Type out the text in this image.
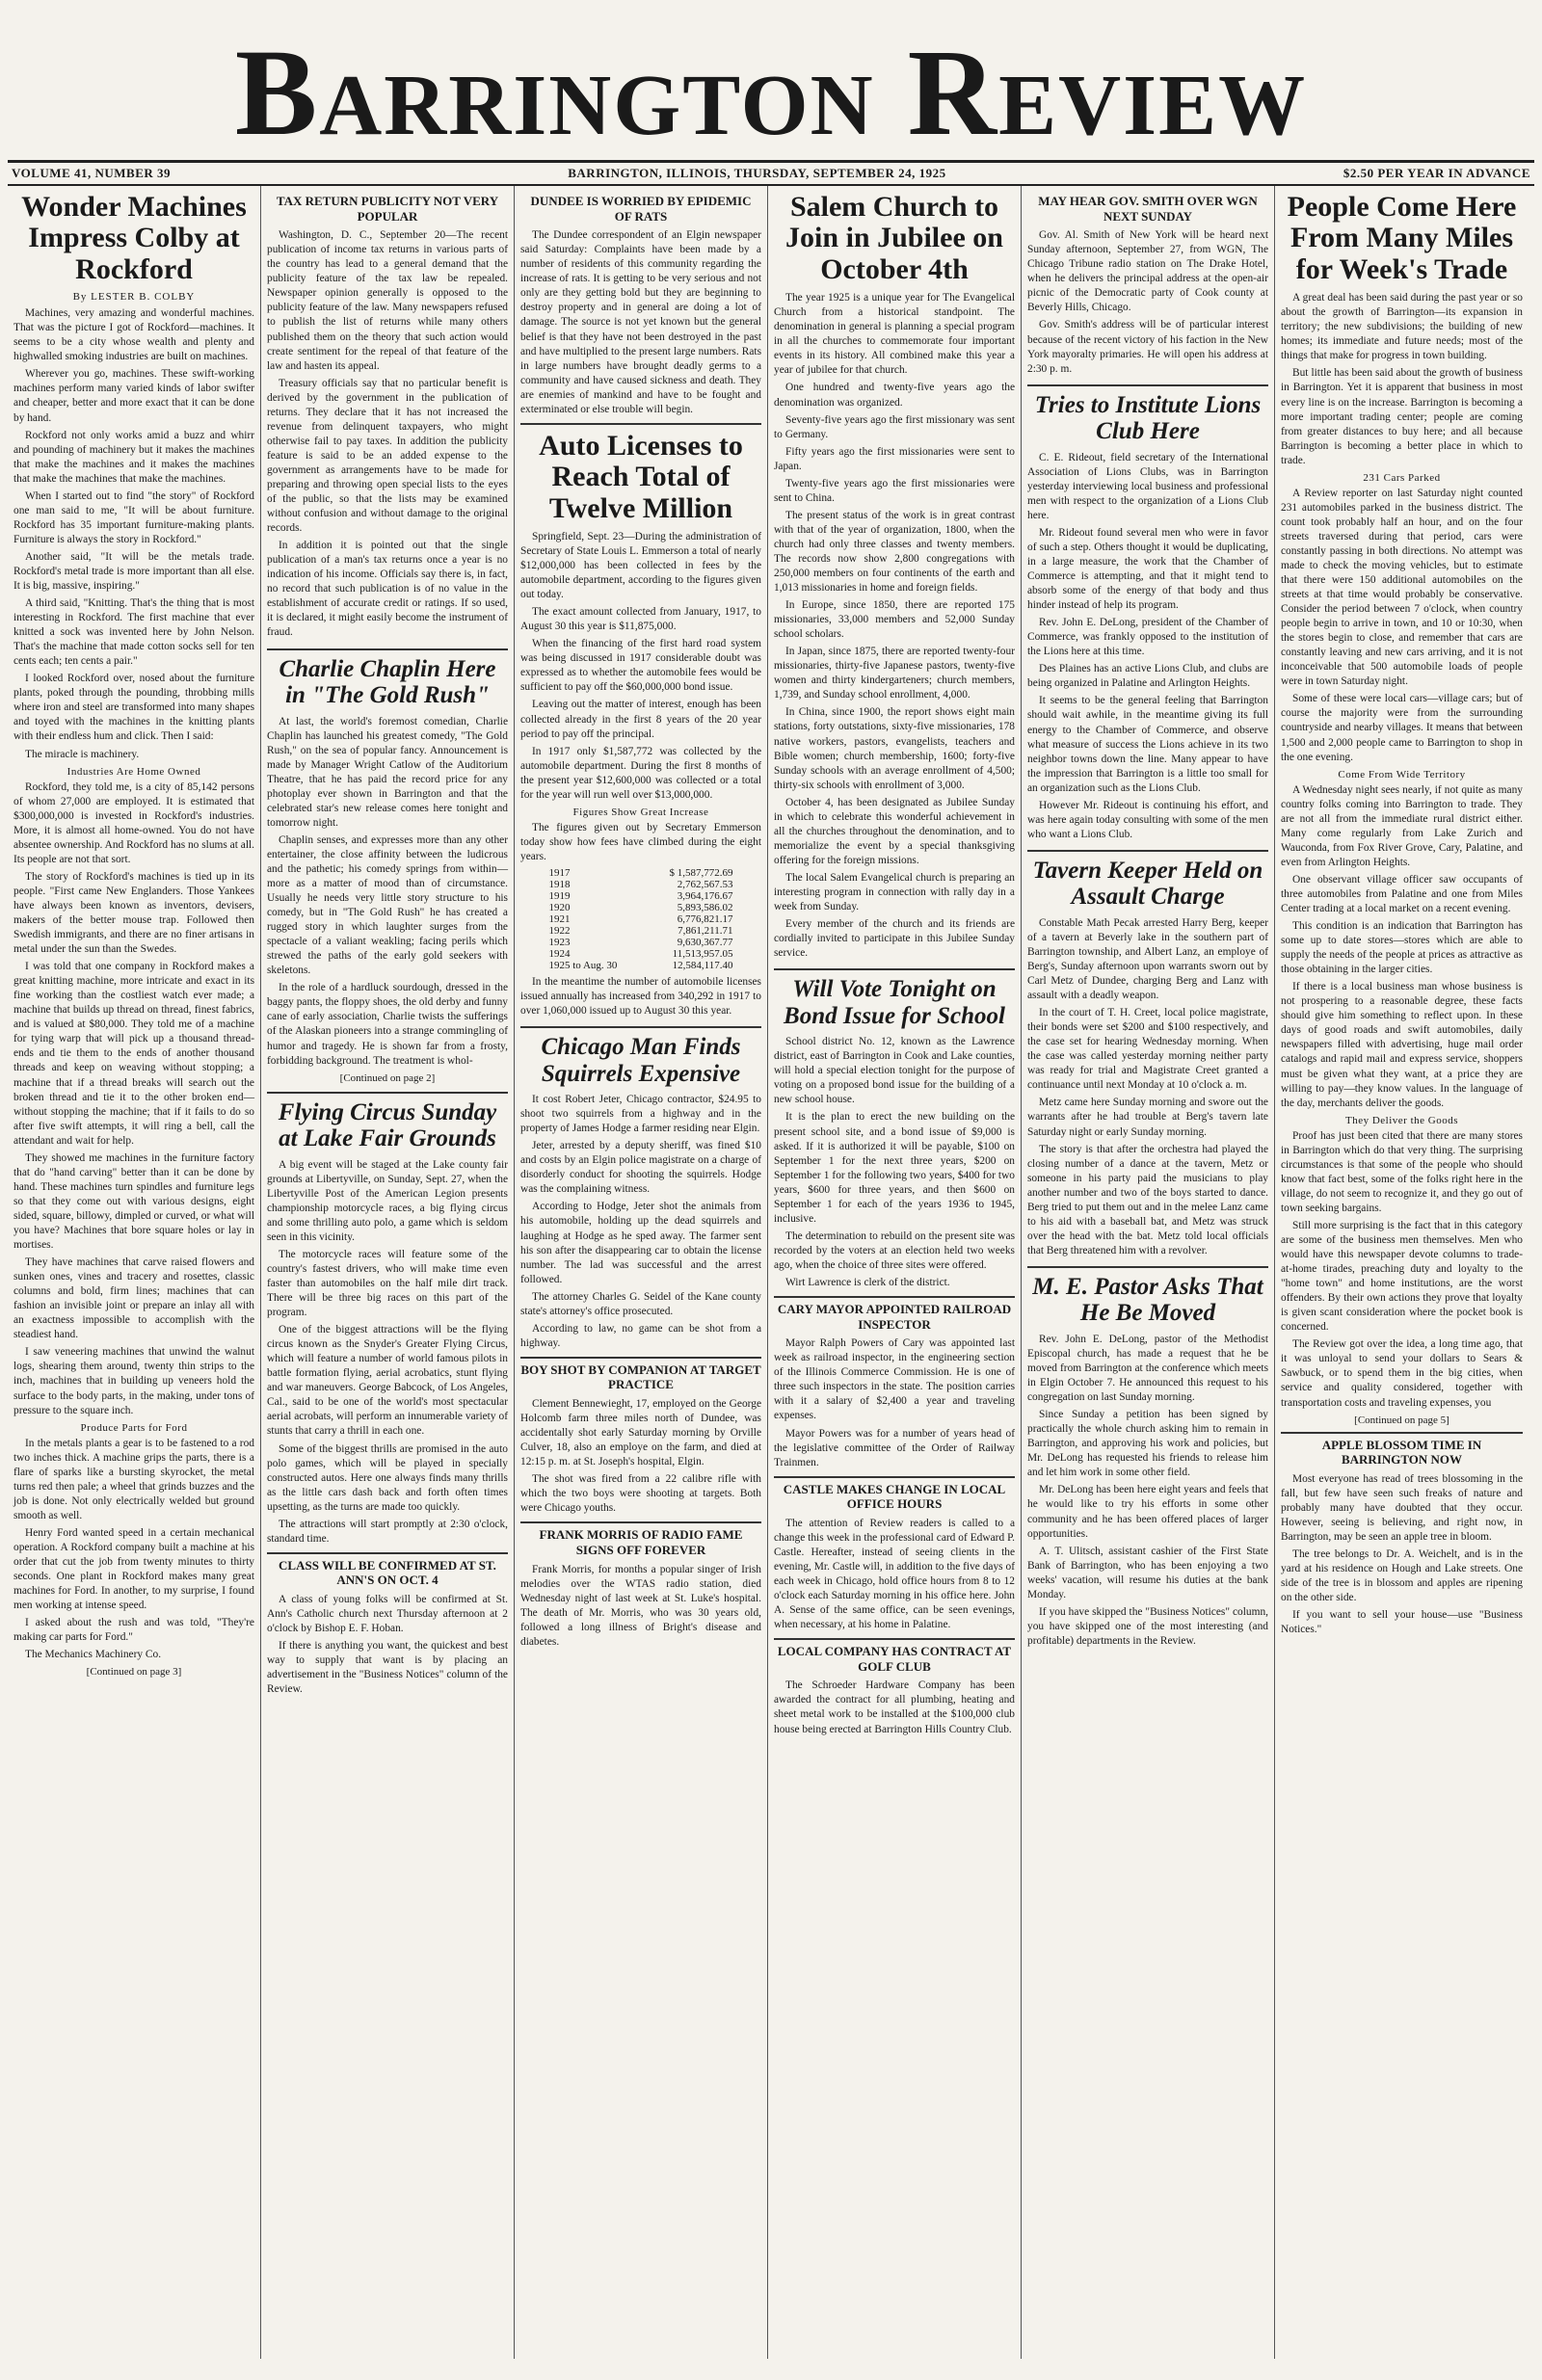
Barrington Review
VOLUME 41, NUMBER 39	BARRINGTON, ILLINOIS, THURSDAY, SEPTEMBER 24, 1925	$2.50 PER YEAR IN ADVANCE
Wonder Machines Impress Colby at Rockford
By LESTER B. COLBY

Machines, very amazing and wonderful machines. That was the picture I got of Rockford—machines. It seems to be a city whose wealth and plenty and highwalled smoking industries are built on machines.

Wherever you go, machines. These swift-working machines perform many varied kinds of labor swifter and cheaper, better and more exact that it can be done by hand.

Rockford not only works amid a buzz and whirr and pounding of machinery but it makes the machines that make the machines and it makes the machines that make the machines that make the machines.

When I started out to find "the story" of Rockford one man said to me, "It will be about furniture. Rockford has 35 important furniture-making plants. Furniture is always the story in Rockford."

Another said, "It will be the metals trade. Rockford's metal trade is more important than all else. It is big, massive, inspiring."

A third said, "Knitting. That's the thing that is most interesting in Rockford. The first machine that ever knitted a sock was invented here by John Nelson. That's the machine that made cotton socks sell for ten cents each; ten cents a pair."

I looked Rockford over, nosed about the furniture plants, poked through the pounding, throbbing mills where iron and steel are transformed into many shapes and toyed with the machines in the knitting plants with their endless hum and click. Then I said:

The miracle is machinery.

Industries Are Home Owned

Rockford, they told me, is a city of 85,142 persons of whom 27,000 are employed. It is estimated that $300,000,000 is invested in Rockford's industries. More, it is almost all home-owned. You do not have absentee ownership. And Rockford has no slums at all. Its people are not that sort.

The story of Rockford's machines is tied up in its people. "First came New Englanders. Those Yankees have always been known as inventors, devisers, makers of the better mouse trap. Followed then Swedish immigrants, and there are no finer artisans in metal under the sun than the Swedes.

I was told that one company in Rockford makes a great knitting machine, more intricate and exact in its fine working than the costliest watch ever made; a machine that builds up thread on thread, finest fabrics, and is valued at $80,000. They told me of a machine for tying warp that will pick up a thousand thread-ends and tie them to the ends of another thousand threads and keep on weaving without stopping; a machine that if a thread breaks will search out the broken thread and tie it to the other broken end—without stopping the machine; that if it fails to do so after five swift attempts, it will ring a bell, call the attendant and wait for help.

They showed me machines in the furniture factory that do "hand carving" better than it can be done by hand. These machines turn spindles and furniture legs so that they come out with various designs, eight sided, square, billowy, dimpled or curved, or what will you have? Machines that bore square holes or lay in mortises.

They have machines that carve raised flowers and sunken ones, vines and tracery and rosettes, classic columns and bold, firm lines; machines that can fashion an invisible joint or prepare an inlay all with an exactness impossible to accomplish with the steadiest hand.

I saw veneering machines that unwind the walnut logs, shearing them around, twenty thin strips to the inch, machines that in building up veneers hold the surface to the body parts, in the making, under tons of pressure to the square inch.

Produce Parts for Ford

In the metals plants a gear is to be fastened to a rod two inches thick. A machine grips the parts, there is a flare of sparks like a bursting skyrocket, the metal turns red then pale; a wheel that grinds buzzes and the job is done. Not only electrically welded but ground smooth as well.

Henry Ford wanted speed in a certain mechanical operation. A Rockford company built a machine at his order that cut the job from twenty minutes to thirty seconds. One plant in Rockford makes many great machines for Ford. In another, to my surprise, I found men working at intense speed.

I asked about the rush and was told, "They're making car parts for Ford."

The Mechanics Machinery Co.

[Continued on page 3]
TAX RETURN PUBLICITY NOT VERY POPULAR

Washington, D. C., September 20—The recent publication of income tax returns in various parts of the country has lead to a general demand that the publicity feature of the tax law be repealed. Newspaper opinion generally is opposed to the publicity feature of the law. Many newspapers refused to publish the list of returns while many others published them on the theory that such action would create sentiment for the repeal of that feature of the law and hasten its appeal.

Treasury officials say that no particular benefit is derived by the government in the publication of returns. They declare that it has not increased the revenue from delinquent taxpayers, who might otherwise fail to pay taxes. In addition the publicity feature is said to be an added expense to the government as arrangements have to be made for preparing and throwing open special lists to the eyes of the public, so that the lists may be examined without confusion and without damage to the original records.

In addition it is pointed out that the single publication of a man's tax returns once a year is no indication of his income. Officials say there is, in fact, no record that such publication is of no value in the establishment of accurate credit or ratings. If so used, it is declared, it might easily become the instrument of fraud.

Charlie Chaplin Here in "The Gold Rush"

At last, the world's foremost comedian, Charlie Chaplin has launched his greatest comedy, "The Gold Rush," on the sea of popular fancy. Announcement is made by Manager Wright Catlow of the Auditorium Theatre, that he has paid the record price for any photoplay ever shown in Barrington and that the celebrated star's new release comes here tonight and tomorrow night.

Chaplin senses, and expresses more than any other entertainer, the close affinity between the ludicrous and the pathetic; his comedy springs from within—more as a matter of mood than of circumstance. Usually he needs very little story structure to his comedy, but in "The Gold Rush" he has created a rugged story in which laughter surges from the spectacle of a valiant weakling; facing perils which strewed the paths of the early gold seekers with skeletons.

In the role of a hardluck sourdough, dressed in the baggy pants, the floppy shoes, the old derby and funny cane of early association, Charlie twists the sufferings of the Alaskan pioneers into a strange commingling of humor and tragedy. He is shown far from a frosty, forbidding background. The treatment is whol-

[Continued on page 2]
Flying Circus Sunday at Lake Fair Grounds

A big event will be staged at the Lake county fair grounds at Libertyville, on Sunday, Sept. 27, when the Libertyville Post of the American Legion presents championship motorcycle races, a big flying circus and some thrilling auto polo, a game which is seldom seen in this vicinity.

The motorcycle races will feature some of the country's fastest drivers, who will make time even faster than automobiles on the half mile dirt track. There will be three big races on this part of the program.

One of the biggest attractions will be the flying circus known as the Snyder's Greater Flying Circus, which will feature a number of world famous pilots in battle formation flying, aerial acrobatics, stunt flying and war maneuvers. George Babcock, of Los Angeles, Cal., said to be one of the world's most spectacular aerial acrobats, will perform an innumerable variety of stunts that carry a thrill in each one.

Some of the biggest thrills are promised in the auto polo games, which will be played in specially constructed autos. Here one always finds many thrills as the little cars dash back and forth often times upsetting, as the turns are made too quickly.

The attractions will start promptly at 2:30 o'clock, standard time.

CLASS WILL BE CONFIRMED AT ST. ANN'S ON OCT. 4

A class of young folks will be confirmed at St. Ann's Catholic church next Thursday afternoon at 2 o'clock by Bishop E. F. Hoban.

If there is anything you want, the quickest and best way to supply that want is by placing an advertisement in the "Business Notices" column of the Review.

DUNDEE IS WORRIED BY EPIDEMIC OF RATS

The Dundee correspondent of an Elgin newspaper said Saturday: Complaints have been made by a number of residents of this community regarding the increase of rats. It is getting to be very serious and not only are they getting bold but they are beginning to destroy property and in general are doing a lot of damage. The source is not yet known but the general belief is that they have not been destroyed in the past and have multiplied to the present large numbers. Rats in large numbers have brought deadly germs to a community and have caused sickness and death. They are enemies of mankind and have to be fought and exterminated or else trouble will begin.

Auto Licenses to Reach Total of Twelve Million

Springfield, Sept. 23—During the administration of Secretary of State Louis L. Emmerson a total of nearly $12,000,000 has been collected in fees by the automobile department, according to the figures given out today.

The exact amount collected from January, 1917, to August 30 this year is $11,875,000.

When the financing of the first hard road system was being discussed in 1917 considerable doubt was expressed as to whether the automobile fees would be sufficient to pay off the $60,000,000 bond issue.

Leaving out the matter of interest, enough has been collected already in the first 8 years of the 20 year period to pay off the principal.

In 1917 only $1,587,772 was collected by the automobile department. During the first 8 months of the present year $12,600,000 was collected or a total for the year will run well over $13,000,000.

Figures Show Great Increase

The figures given out by Secretary Emmerson today show how fees have climbed during the eight years.

1917	$ 1,587,772.69
1918	2,762,567.53
1919	3,964,176.67
1920	5,893,586.02
1921	6,776,821.17
1922	7,861,211.71
1923	9,630,367.77
1924	11,513,957.05
1925 to Aug. 30	12,584,117.40

In the meantime the number of automobile licenses issued annually has increased from 340,292 in 1917 to over 1,060,000 issued up to August 30 this year.

Chicago Man Finds Squirrels Expensive

It cost Robert Jeter, Chicago contractor, $24.95 to shoot two squirrels from a highway and in the property of James Hodge a farmer residing near Elgin.

Jeter, arrested by a deputy sheriff, was fined $10 and costs by an Elgin police magistrate on a charge of disorderly conduct for shooting the squirrels. Hodge was the complaining witness.

According to Hodge, Jeter shot the animals from his automobile, holding up the dead squirrels and laughing at Hodge as he sped away. The farmer sent his son after the disappearing car to obtain the license number. The lad was successful and the arrest followed.

The attorney Charles G. Seidel of the Kane county state's attorney's office prosecuted.

According to law, no game can be shot from a highway.

BOY SHOT BY COMPANION AT TARGET PRACTICE

Clement Bennewieght, 17, employed on the George Holcomb farm three miles north of Dundee, was accidentally shot early Saturday morning by Orville Culver, 18, also an employe on the farm, and died at 12:15 p. m. at St. Joseph's hospital, Elgin.

The shot was fired from a 22 calibre rifle with which the two boys were shooting at targets. Both were Chicago youths.

FRANK MORRIS OF RADIO FAME SIGNS OFF FOREVER

Frank Morris, for months a popular singer of Irish melodies over the WTAS radio station, died Wednesday night of last week at St. Luke's hospital. The death of Mr. Morris, who was 30 years old, followed a long illness of Bright's disease and diabetes.

Salem Church to Join in Jubilee on October 4th

The year 1925 is a unique year for The Evangelical Church from a historical standpoint. The denomination in general is planning a special program in all the churches to commemorate four important events in its history. All combined make this year a year of jubilee for that church.

One hundred and twenty-five years ago the denomination was organized.

Seventy-five years ago the first missionary was sent to Germany.

Fifty years ago the first missionaries were sent to Japan.

Twenty-five years ago the first missionaries were sent to China.

The present status of the work is in great contrast with that of the year of organization, 1800, when the church had only three classes and twenty members. The records now show 2,800 congregations with 250,000 members on four continents of the earth and 1,013 missionaries in home and foreign fields.

In Europe, since 1850, there are reported 175 missionaries, 33,000 members and 52,000 Sunday school scholars.

In Japan, since 1875, there are reported twenty-four missionaries, thirty-five Japanese pastors, twenty-five women and thirty kindergarteners; church members, 1,739, and Sunday school enrollment, 4,000.

In China, since 1900, the report shows eight main stations, forty outstations, sixty-five missionaries, 178 native workers, pastors, evangelists, teachers and Bible women; church membership, 1600; forty-five Sunday schools with an average enrollment of 4,500; thirty-six schools with enrollment of 3,000.

October 4, has been designated as Jubilee Sunday in which to celebrate this wonderful achievement in all the churches throughout the denomination, and to memorialize the event by a special thanksgiving offering for the foreign missions.

The local Salem Evangelical church is preparing an interesting program in connection with rally day in a week from Sunday.

Every member of the church and its friends are cordially invited to participate in this Jubilee Sunday service.

Will Vote Tonight on Bond Issue for School

School district No. 12, known as the Lawrence district, east of Barrington in Cook and Lake counties, will hold a special election tonight for the purpose of voting on a proposed bond issue for the building of a new school house.

It is the plan to erect the new building on the present school site, and a bond issue of $9,000 is asked. If it is authorized it will be payable, $100 on September 1 for the next three years, $200 on September 1 for the following two years, $400 for two years, $600 for three years, and then $600 on September 1 for each of the years 1936 to 1945, inclusive.

The determination to rebuild on the present site was recorded by the voters at an election held two weeks ago, when the choice of three sites were offered.

Wirt Lawrence is clerk of the district.

CARY MAYOR APPOINTED RAILROAD INSPECTOR

Mayor Ralph Powers of Cary was appointed last week as railroad inspector, in the engineering section of the Illinois Commerce Commission. He is one of three such inspectors in the state. The position carries with it a salary of $2,400 a year and traveling expenses.

Mayor Powers was for a number of years head of the legislative committee of the Order of Railway Trainmen.

CASTLE MAKES CHANGE IN LOCAL OFFICE HOURS

The attention of Review readers is called to a change this week in the professional card of Edward P. Castle. Hereafter, instead of seeing clients in the evening, Mr. Castle will, in addition to the five days of each week in Chicago, hold office hours from 8 to 12 o'clock each Saturday morning in his office here. John A. Sense of the same office, can be seen evenings, when necessary, at his home in Palatine.

LOCAL COMPANY HAS CONTRACT AT GOLF CLUB

The Schroeder Hardware Company has been awarded the contract for all plumbing, heating and sheet metal work to be installed at the $100,000 club house being erected at Barrington Hills Country Club.

MAY HEAR GOV. SMITH OVER WGN NEXT SUNDAY

Gov. Al. Smith of New York will be heard next Sunday afternoon, September 27, from WGN, The Chicago Tribune radio station on The Drake Hotel, when he delivers the principal address at the open-air picnic of the Democratic party of Cook county at Beverly Hills, Chicago.

Gov. Smith's address will be of particular interest because of the recent victory of his faction in the New York mayoralty primaries. He will open his address at 2:30 p. m.

Tries to Institute Lions Club Here

C. E. Rideout, field secretary of the International Association of Lions Clubs, was in Barrington yesterday interviewing local business and professional men with respect to the organization of a Lions Club here.

Mr. Rideout found several men who were in favor of such a step. Others thought it would be duplicating, in a large measure, the work that the Chamber of Commerce is attempting, and that it might tend to absorb some of the energy of that body and thus hinder instead of help its program.

Rev. John E. DeLong, president of the Chamber of Commerce, was frankly opposed to the institution of the Lions here at this time.

Des Plaines has an active Lions Club, and clubs are being organized in Palatine and Arlington Heights.

It seems to be the general feeling that Barrington should wait awhile, in the meantime giving its full energy to the Chamber of Commerce, and observe what measure of success the Lions achieve in its two neighbor towns down the line. Many appear to have the impression that Barrington is a little too small for an organization such as the Lions Club.

However Mr. Rideout is continuing his effort, and was here again today consulting with some of the men who want a Lions Club.

Tavern Keeper Held on Assault Charge

Constable Math Pecak arrested Harry Berg, keeper of a tavern at Beverly lake in the southern part of Barrington township, and Albert Lanz, an employe of Berg's, Sunday afternoon upon warrants sworn out by Carl Metz of Dundee, charging Berg and Lanz with assault with a deadly weapon.

In the court of T. H. Creet, local police magistrate, their bonds were set $200 and $100 respectively, and the case set for hearing Wednesday morning. When the case was called yesterday morning neither party was ready for trial and Magistrate Creet granted a continuance until next Monday at 10 o'clock a. m.

Metz came here Sunday morning and swore out the warrants after he had trouble at Berg's tavern late Saturday night or early Sunday morning.

The story is that after the orchestra had played the closing number of a dance at the tavern, Metz or someone in his party paid the musicians to play another number and two of the boys started to dance. Berg tried to put them out and in the melee Lanz came to his aid with a baseball bat, and Metz was struck over the head with the bat. Metz told local officials that Berg threatened him with a revolver.

M. E. Pastor Asks That He Be Moved

Rev. John E. DeLong, pastor of the Methodist Episcopal church, has made a request that he be moved from Barrington at the conference which meets in Elgin October 7. He announced this request to his congregation on last Sunday morning.

Since Sunday a petition has been signed by practically the whole church asking him to remain in Barrington, and approving his work and policies, but Mr. DeLong has requested his friends to release him and let him work in some other field.

Mr. DeLong has been here eight years and feels that he would like to try his efforts in some other community and he has been offered places of larger opportunities.

A. T. Ulitsch, assistant cashier of the First State Bank of Barrington, who has been enjoying a two weeks' vacation, will resume his duties at the bank Monday.

If you have skipped the "Business Notices" column, you have skipped one of the most interesting (and profitable) departments in the Review.

People Come Here From Many Miles for Week's Trade

A great deal has been said during the past year or so about the growth of Barrington—its expansion in territory; the new subdivisions; the building of new homes; its immediate and future needs; most of the things that make for progress in town building.

But little has been said about the growth of business in Barrington. Yet it is apparent that business in most every line is on the increase. Barrington is becoming a more important trading center; people are coming from greater distances to buy here; and all because Barrington is becoming a better place in which to trade.

231 Cars Parked

A Review reporter on last Saturday night counted 231 automobiles parked in the business district. The count took probably half an hour, and on the four streets traversed during that period, cars were constantly passing in both directions. No attempt was made to check the moving vehicles, but to estimate that there were 150 additional automobiles on the streets at that time would probably be conservative. Consider the period between 7 o'clock, when country people begin to arrive in town, and 10 or 10:30, when the stores begin to close, and remember that cars are constantly leaving and new cars arriving, and it is not inconceivable that 500 automobile loads of people were in town Saturday night.

Some of these were local cars—village cars; but of course the majority were from the surrounding countryside and nearby villages. It means that between 1,500 and 2,000 people came to Barrington to shop in the one evening.

Come From Wide Territory

A Wednesday night sees nearly, if not quite as many country folks coming into Barrington to trade. They are not all from the immediate rural district either. Many come regularly from Lake Zurich and Wauconda, from Fox River Grove, Cary, Palatine, and even from Arlington Heights.

One observant village officer saw occupants of three automobiles from Palatine and one from Miles Center trading at a local market on a recent evening.

This condition is an indication that Barrington has some up to date stores—stores which are able to supply the needs of the people at prices as attractive as those obtaining in the larger cities.

If there is a local business man whose business is not prospering to a reasonable degree, these facts should give him something to reflect upon. In these days of good roads and swift automobiles, daily newspapers filled with advertising, huge mail order catalogs and rapid mail and express service, shoppers must be given what they want, at a price they are willing to pay—they know values. In the language of the day, merchants deliver the goods.

They Deliver the Goods

Proof has just been cited that there are many stores in Barrington which do that very thing. The surprising circumstances is that some of the people who should know that fact best, some of the folks right here in the village, do not seem to recognize it, and they go out of town seeking bargains.

Still more surprising is the fact that in this category are some of the business men themselves. Men who would have this newspaper devote columns to trade-at-home tirades, preaching duty and loyalty to the "home town" and home institutions, are the worst offenders. By their own actions they prove that loyalty is given scant consideration where the pocket book is concerned.

The Review got over the idea, a long time ago, that it was unloyal to send your dollars to Sears & Sawbuck, or to spend them in the big cities, when service and quality considered, together with transportation costs and traveling expenses, you

[Continued on page 5]
APPLE BLOSSOM TIME IN BARRINGTON NOW

Most everyone has read of trees blossoming in the fall, but few have seen such freaks of nature and probably many have doubted that they occur. However, seeing is believing, and right now, in Barrington, may be seen an apple tree in bloom.

The tree belongs to Dr. A. Weichelt, and is in the yard at his residence on Hough and Lake streets. One side of the tree is in blossom and apples are ripening on the other side.

If you want to sell your house—use "Business Notices."
